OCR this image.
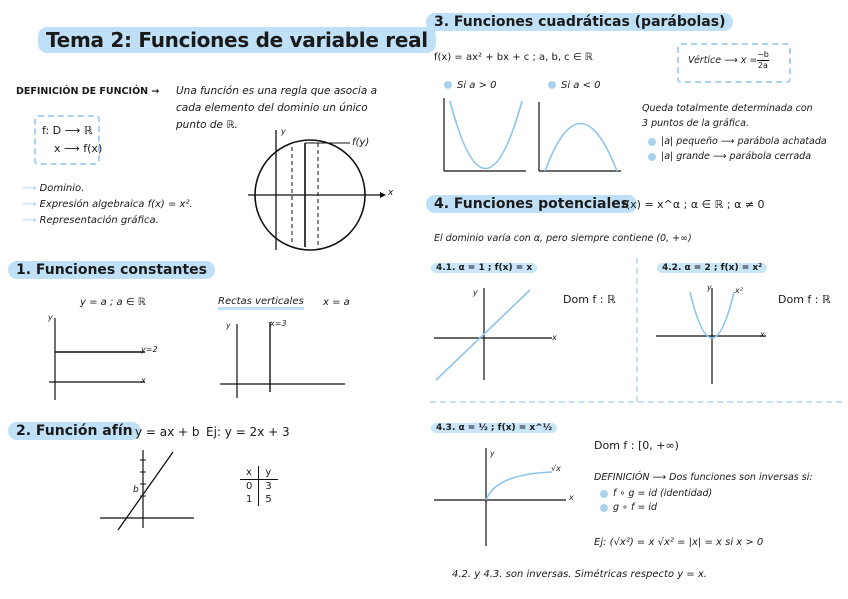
Tema 2: Funciones de variable real
DEFINICIÓN DE FUNCIÓN → Una función es una regla que asocia a
cada elemento del dominio un único
punto de ℝ.
f: D ⟶ ℝ
x ⟶ f(x)
⟶ Dominio.
⟶ Expresión algebraica f(x) = x².
⟶ Representación gráfica.
y
f(y)
x
1. Funciones constantes
y = a ; a ∈ ℝ	Rectas verticales x = a
y
y=2
x
y	x=3
2. Función afín y = ax + b Ej: y = 2x + 3
b
x	y
0	3
1	5
3. Funciones cuadráticas (parábolas)
f(x) = ax² + bx + c ; a, b, c ∈ ℝ	Vértice ⟶ $x = \frac{-b}{2a}$
Si a > 0	Si a < 0
Queda totalmente determinada con
3 puntos de la gráfica.
|a| pequeño ⟶ parábola achatada
|a| grande ⟶ parábola cerrada
4. Funciones potenciales
f(x) = x^α ; α ∈ ℝ ; α ≠ 0
El dominio varía con α, pero siempre contiene (0, +∞)
4.1. α = 1 ; f(x) = x
y
x
Dom f : ℝ
4.2. α = 2 ; f(x) = x²
y
x
x²
Dom f : ℝ
4.3. α = ½ ; f(x) = x^½
y
x
√x
Dom f : [0, +∞)
DEFINICIÓN ⟶ Dos funciones son inversas si:
f ∘ g = id (identidad)
g ∘ f = id
Ej: (√x²) = x √x² = |x| = x si x > 0
4.2. y 4.3. son inversas. Simétricas respecto y = x.
